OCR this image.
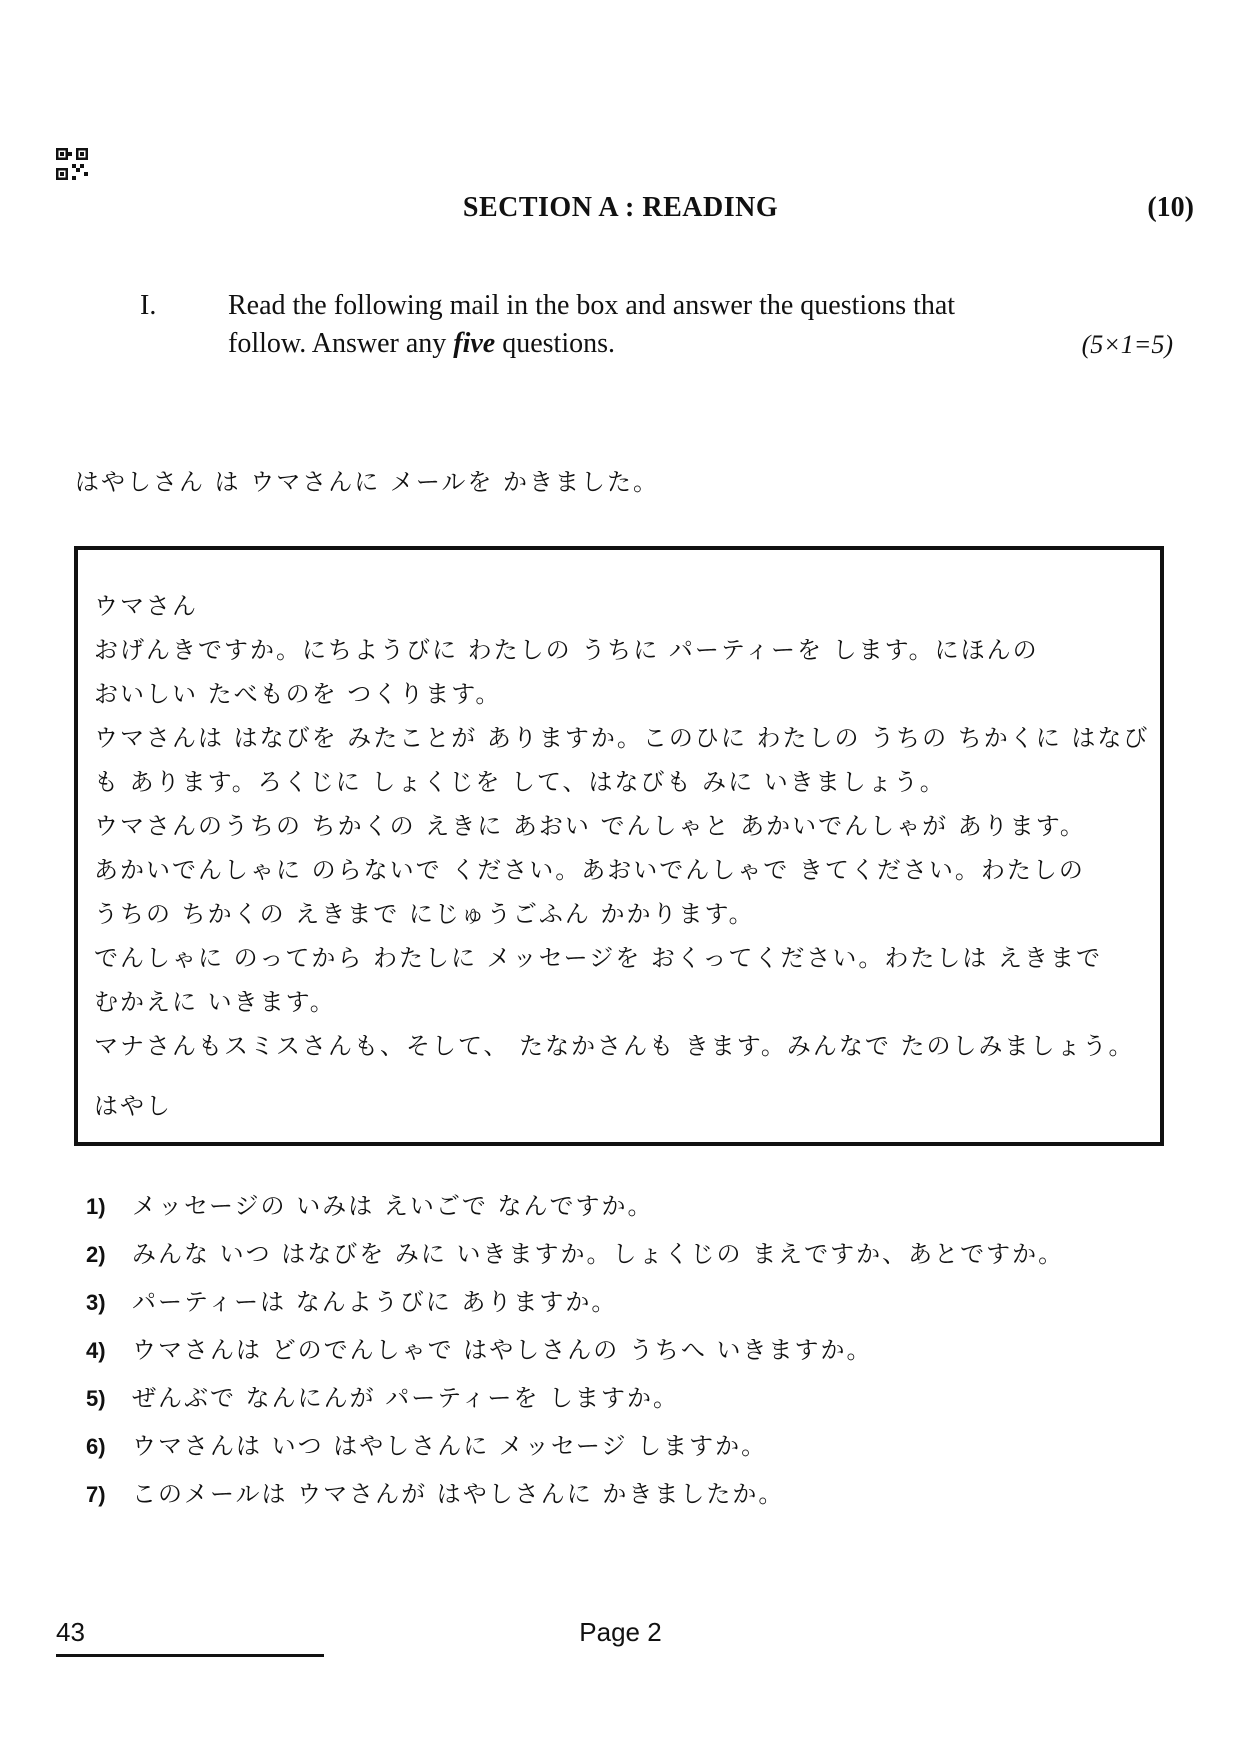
SECTION A : READING	(10)
I.	Read the following mail in the box and answer the questions that
follow. Answer any five questions.	(5×1=5)
はやしさん は ウマさんに メールを かきました。
ウマさん
おげんきですか。にちようびに わたしの うちに パーティーを します。にほんの
おいしい たべものを つくります。
ウマさんは はなびを みたことが ありますか。このひに わたしの うちの ちかくに はなび
も あります。ろくじに しょくじを して、はなびも みに いきましょう。
ウマさんのうちの ちかくの えきに あおい でんしゃと あかいでんしゃが あります。
あかいでんしゃに のらないで ください。あおいでんしゃで きてください。わたしの
うちの ちかくの えきまで にじゅうごふん かかります。
でんしゃに のってから わたしに メッセージを おくってください。わたしは えきまで
むかえに いきます。
マナさんもスミスさんも、そして、 たなかさんも きます。みんなで たのしみましょう。
はやし
1) メッセージの いみは えいごで なんですか。
2) みんな いつ はなびを みに いきますか。しょくじの まえですか、あとですか。
3) パーティーは なんようびに ありますか。
4) ウマさんは どのでんしゃで はやしさんの うちへ いきますか。
5) ぜんぶで なんにんが パーティーを しますか。
6) ウマさんは いつ はやしさんに メッセージ しますか。
7) このメールは ウマさんが はやしさんに かきましたか。
43	Page 2
